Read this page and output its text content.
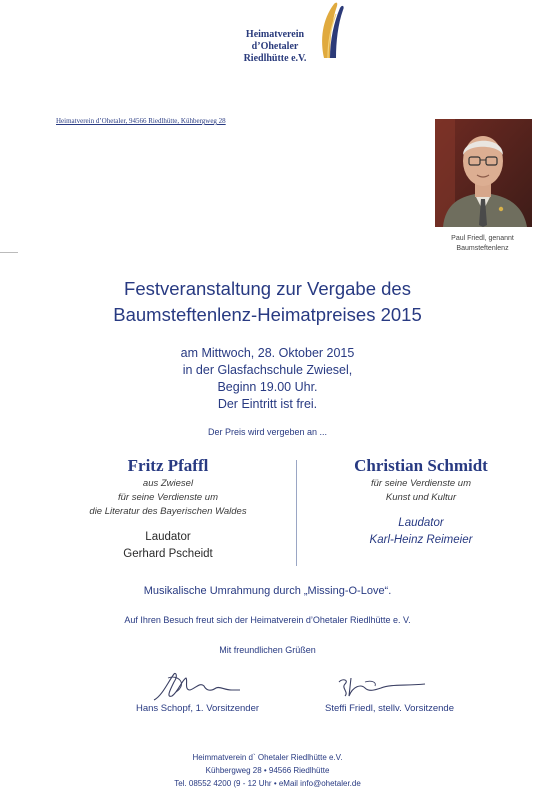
Heimatverein
d’Ohetaler
Riedlhütte e.V.
Heimatverein d’Ohetaler, 94566 Riedlhütte, Kühbergweg 28
Paul Friedl, genannt
Baumsteftenlenz
Festveranstaltung zur Vergabe des
Baumsteftenlenz-Heimatpreises 2015
am Mittwoch, 28. Oktober 2015
in der Glasfachschule Zwiesel,
Beginn 19.00 Uhr.
Der Eintritt ist frei.
Der Preis wird vergeben an ...
Fritz Pfaffl
aus Zwiesel
für seine Verdienste um
die Literatur des Bayerischen Waldes
Laudator
Gerhard Pscheidt
Christian Schmidt
für seine Verdienste um
Kunst und Kultur
Laudator
Karl-Heinz Reimeier
Musikalische Umrahmung durch „Missing-O-Love“.
Auf Ihren Besuch freut sich der Heimatverein d’Ohetaler Riedlhütte e. V.
Mit freundlichen Grüßen
Hans Schopf, 1. Vorsitzender	Steffi Friedl, stellv. Vorsitzende
Heimmatverein d` Ohetaler Riedlhütte e.V.
Kühbergweg 28 • 94566 Riedlhütte
Tel. 08552 4200 (9 - 12 Uhr • eMail info@ohetaler.de
